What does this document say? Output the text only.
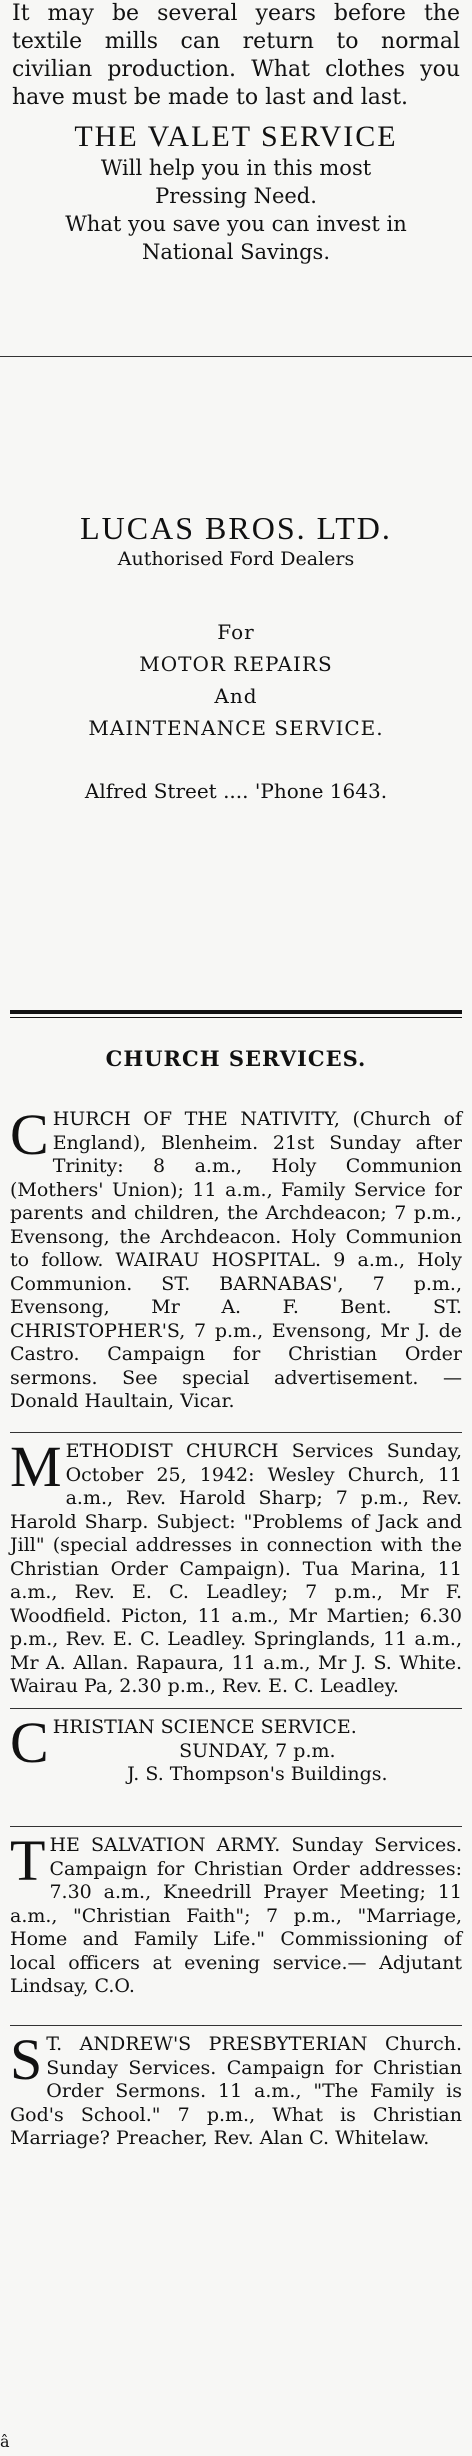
It may be several years before the textile mills can return to normal civilian production. What clothes you have must be made to last and last.

THE VALET SERVICE
Will help you in this most
Pressing Need.
What you save you can invest in
National Savings.
LUCAS BROS. LTD.
Authorised Ford Dealers
For
MOTOR REPAIRS
And
MAINTENANCE SERVICE.
Alfred Street .... 'Phone 1643.
CHURCH SERVICES.
C HURCH OF THE NATIVITY, (Church of England), Blenheim. 21st Sunday after Trinity: 8 a.m., Holy Communion (Mothers' Union); 11 a.m., Family Service for parents and children, the Archdeacon; 7 p.m., Evensong, the Archdeacon. Holy Communion to follow. WAIRAU HOSPITAL. 9 a.m., Holy Communion. ST. BARNABAS', 7 p.m., Evensong, Mr A. F. Bent. ST. CHRISTOPHER'S, 7 p.m., Evensong, Mr J. de Castro. Campaign for Christian Order sermons. See special advertisement. — Donald Haultain, Vicar.
M ETHODIST CHURCH Services Sunday, October 25, 1942: Wesley Church, 11 a.m., Rev. Harold Sharp; 7 p.m., Rev. Harold Sharp. Subject: "Problems of Jack and Jill" (special addresses in connection with the Christian Order Campaign). Tua Marina, 11 a.m., Rev. E. C. Leadley; 7 p.m., Mr F. Woodfield. Picton, 11 a.m., Mr Martien; 6.30 p.m., Rev. E. C. Leadley. Springlands, 11 a.m., Mr A. Allan. Rapaura, 11 a.m., Mr J. S. White. Wairau Pa, 2.30 p.m., Rev. E. C. Leadley.
C HRISTIAN SCIENCE SERVICE.
SUNDAY, 7 p.m.
J. S. Thompson's Buildings.
T HE SALVATION ARMY. Sunday Services. Campaign for Christian Order addresses: 7.30 a.m., Kneedrill Prayer Meeting; 11 a.m., "Christian Faith"; 7 p.m., "Marriage, Home and Family Life." Commissioning of local officers at evening service.— Adjutant Lindsay, C.O.
S T. ANDREW'S PRESBYTERIAN Church. Sunday Services. Campaign for Christian Order Sermons. 11 a.m., "The Family is God's School." 7 p.m., What is Christian Marriage? Preacher, Rev. Alan C. Whitelaw.
â
